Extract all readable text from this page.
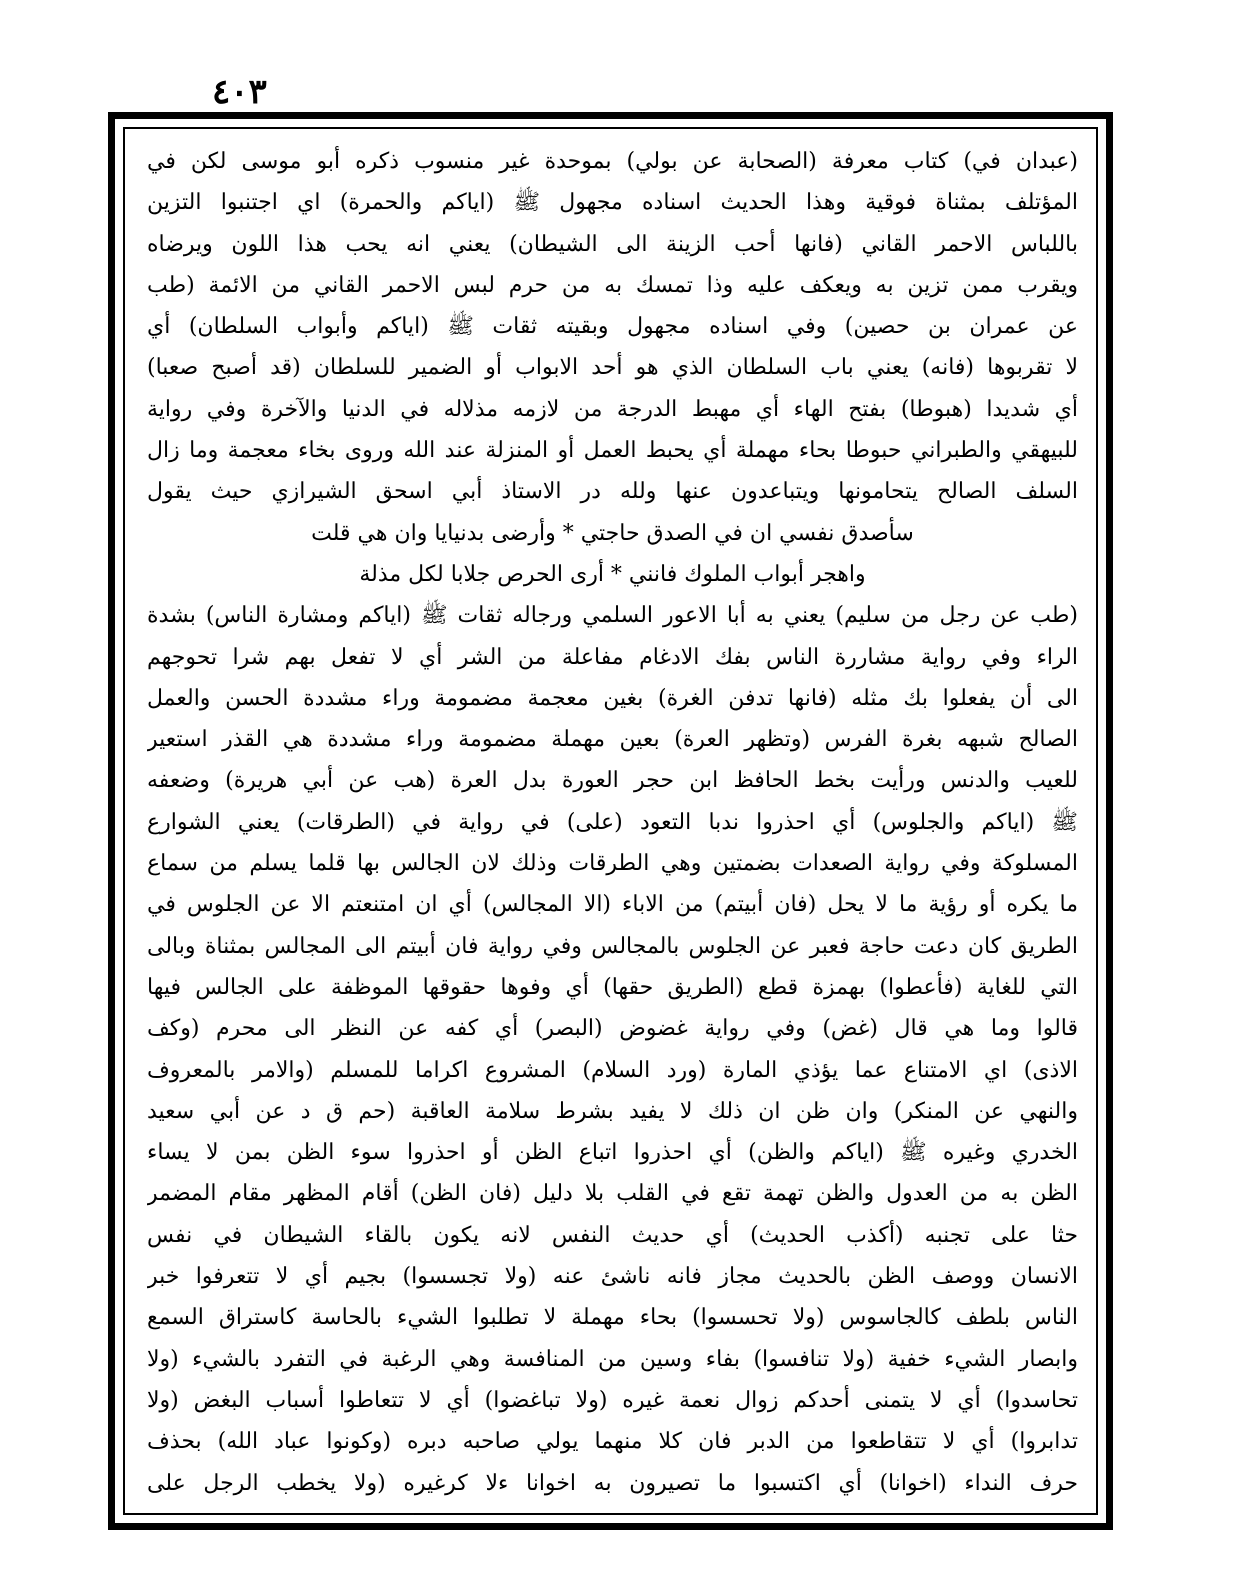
٤٠٣
(عبدان في) كتاب معرفة (الصحابة عن بولي) بموحدة غير منسوب ذكره أبو موسى لكن في
المؤتلف بمثناة فوقية وهذا الحديث اسناده مجهول ﷺ (اياكم والحمرة) اي اجتنبوا التزين
باللباس الاحمر القاني (فانها أحب الزينة الى الشيطان) يعني انه يحب هذا اللون ويرضاه
ويقرب ممن تزين به ويعكف عليه وذا تمسك به من حرم لبس الاحمر القاني من الائمة (طب
عن عمران بن حصين) وفي اسناده مجهول وبقيته ثقات ﷺ (اياكم وأبواب السلطان) أي
لا تقربوها (فانه) يعني باب السلطان الذي هو أحد الابواب أو الضمير للسلطان (قد أصبح صعبا)
أي شديدا (هبوطا) بفتح الهاء أي مهبط الدرجة من لازمه مذلاله في الدنيا والآخرة وفي رواية
للبيهقي والطبراني حبوطا بحاء مهملة أي يحبط العمل أو المنزلة عند الله وروى بخاء معجمة وما زال
السلف الصالح يتحامونها ويتباعدون عنها ولله در الاستاذ أبي اسحق الشيرازي حيث يقول
سأصدق نفسي ان في الصدق حاجتي * وأرضى بدنيايا وان هي قلت
واهجر أبواب الملوك فانني * أرى الحرص جلابا لكل مذلة
(طب عن رجل من سليم) يعني به أبا الاعور السلمي ورجاله ثقات ﷺ (اياكم ومشارة الناس) بشدة
الراء وفي رواية مشاررة الناس بفك الادغام مفاعلة من الشر أي لا تفعل بهم شرا تحوجهم
الى أن يفعلوا بك مثله (فانها تدفن الغرة) بغين معجمة مضمومة وراء مشددة الحسن والعمل
الصالح شبهه بغرة الفرس (وتظهر العرة) بعين مهملة مضمومة وراء مشددة هي القذر استعير
للعيب والدنس ورأيت بخط الحافظ ابن حجر العورة بدل العرة (هب عن أبي هريرة) وضعفه
ﷺ (اياكم والجلوس) أي احذروا ندبا التعود (على) في رواية في (الطرقات) يعني الشوارع
المسلوكة وفي رواية الصعدات بضمتين وهي الطرقات وذلك لان الجالس بها قلما يسلم من سماع
ما يكره أو رؤية ما لا يحل (فان أبيتم) من الاباء (الا المجالس) أي ان امتنعتم الا عن الجلوس في
الطريق كان دعت حاجة فعبر عن الجلوس بالمجالس وفي رواية فان أبيتم الى المجالس بمثناة وبالى
التي للغاية (فأعطوا) بهمزة قطع (الطريق حقها) أي وفوها حقوقها الموظفة على الجالس فيها
قالوا وما هي قال (غض) وفي رواية غضوض (البصر) أي كفه عن النظر الى محرم (وكف
الاذى) اي الامتناع عما يؤذي المارة (ورد السلام) المشروع اكراما للمسلم (والامر بالمعروف
والنهي عن المنكر) وان ظن ان ذلك لا يفيد بشرط سلامة العاقبة (حم ق د عن أبي سعيد
الخدري وغيره ﷺ (اياكم والظن) أي احذروا اتباع الظن أو احذروا سوء الظن بمن لا يساء
الظن به من العدول والظن تهمة تقع في القلب بلا دليل (فان الظن) أقام المظهر مقام المضمر
حثا على تجنبه (أكذب الحديث) أي حديث النفس لانه يكون بالقاء الشيطان في نفس
الانسان ووصف الظن بالحديث مجاز فانه ناشئ عنه (ولا تجسسوا) بجيم أي لا تتعرفوا خبر
الناس بلطف كالجاسوس (ولا تحسسوا) بحاء مهملة لا تطلبوا الشيء بالحاسة كاستراق السمع
وابصار الشيء خفية (ولا تنافسوا) بفاء وسين من المنافسة وهي الرغبة في التفرد بالشيء (ولا
تحاسدوا) أي لا يتمنى أحدكم زوال نعمة غيره (ولا تباغضوا) أي لا تتعاطوا أسباب البغض (ولا
تدابروا) أي لا تتقاطعوا من الدبر فان كلا منهما يولي صاحبه دبره (وكونوا عباد الله) بحذف
حرف النداء (اخوانا) أي اكتسبوا ما تصيرون به اخوانا ءلا كرغيره (ولا يخطب الرجل على
